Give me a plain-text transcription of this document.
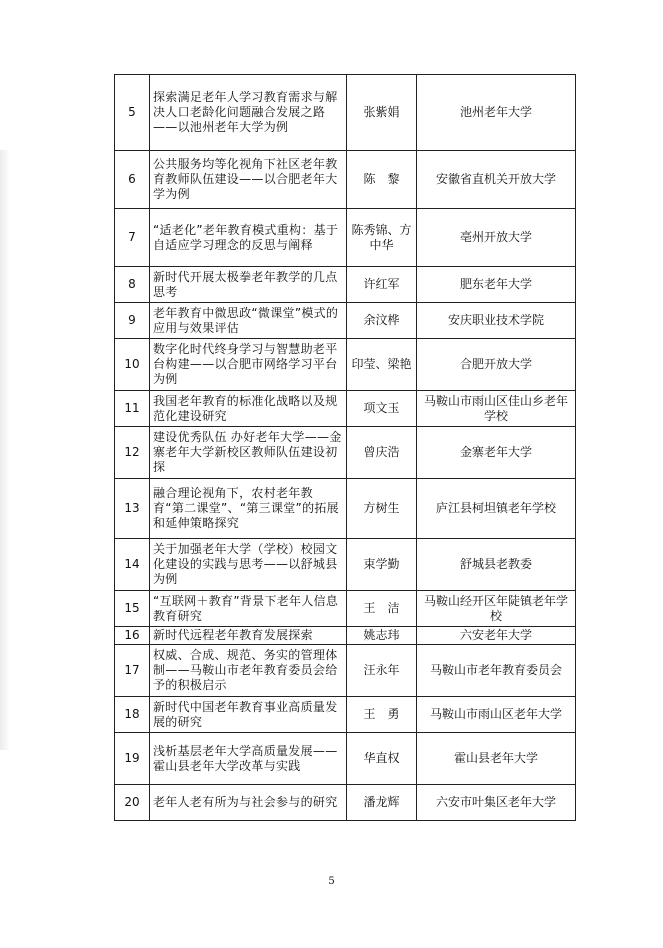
5	探索满足老年人学习教育需求与解决人口老龄化问题融合发展之路——以池州老年大学为例	张紫娟	池州老年大学
6	公共服务均等化视角下社区老年教育教师队伍建设——以合肥老年大学为例	陈　黎	安徽省直机关开放大学
7	“适老化”老年教育模式重构：基于自适应学习理念的反思与阐释	陈秀锦、方中华	亳州开放大学
8	新时代开展太极拳老年教学的几点思考	许红军	肥东老年大学
9	老年教育中微思政“微课堂”模式的应用与效果评估	余汶桦	安庆职业技术学院
10	数字化时代终身学习与智慧助老平台构建——以合肥市网络学习平台为例	印莹、梁艳	合肥开放大学
11	我国老年教育的标准化战略以及规范化建设研究	项文玉	马鞍山市雨山区佳山乡老年学校
12	建设优秀队伍 办好老年大学——金寨老年大学新校区教师队伍建设初探	曾庆浩	金寨老年大学
13	融合理论视角下，农村老年教育“第二课堂”、“第三课堂”的拓展和延伸策略探究	方树生	庐江县柯坦镇老年学校
14	关于加强老年大学（学校）校园文化建设的实践与思考——以舒城县为例	束学勤	舒城县老教委
15	“互联网＋教育”背景下老年人信息教育研究	王　洁	马鞍山经开区年陡镇老年学校
16	新时代远程老年教育发展探索	姚志玮	六安老年大学
17	权威、合成、规范、务实的管理体制——马鞍山市老年教育委员会给予的积极启示	汪永年	马鞍山市老年教育委员会
18	新时代中国老年教育事业高质量发展的研究	王　勇	马鞍山市雨山区老年大学
19	浅析基层老年大学高质量发展——霍山县老年大学改革与实践	华直权	霍山县老年大学
20	老年人老有所为与社会参与的研究	潘龙辉	六安市叶集区老年大学
5
